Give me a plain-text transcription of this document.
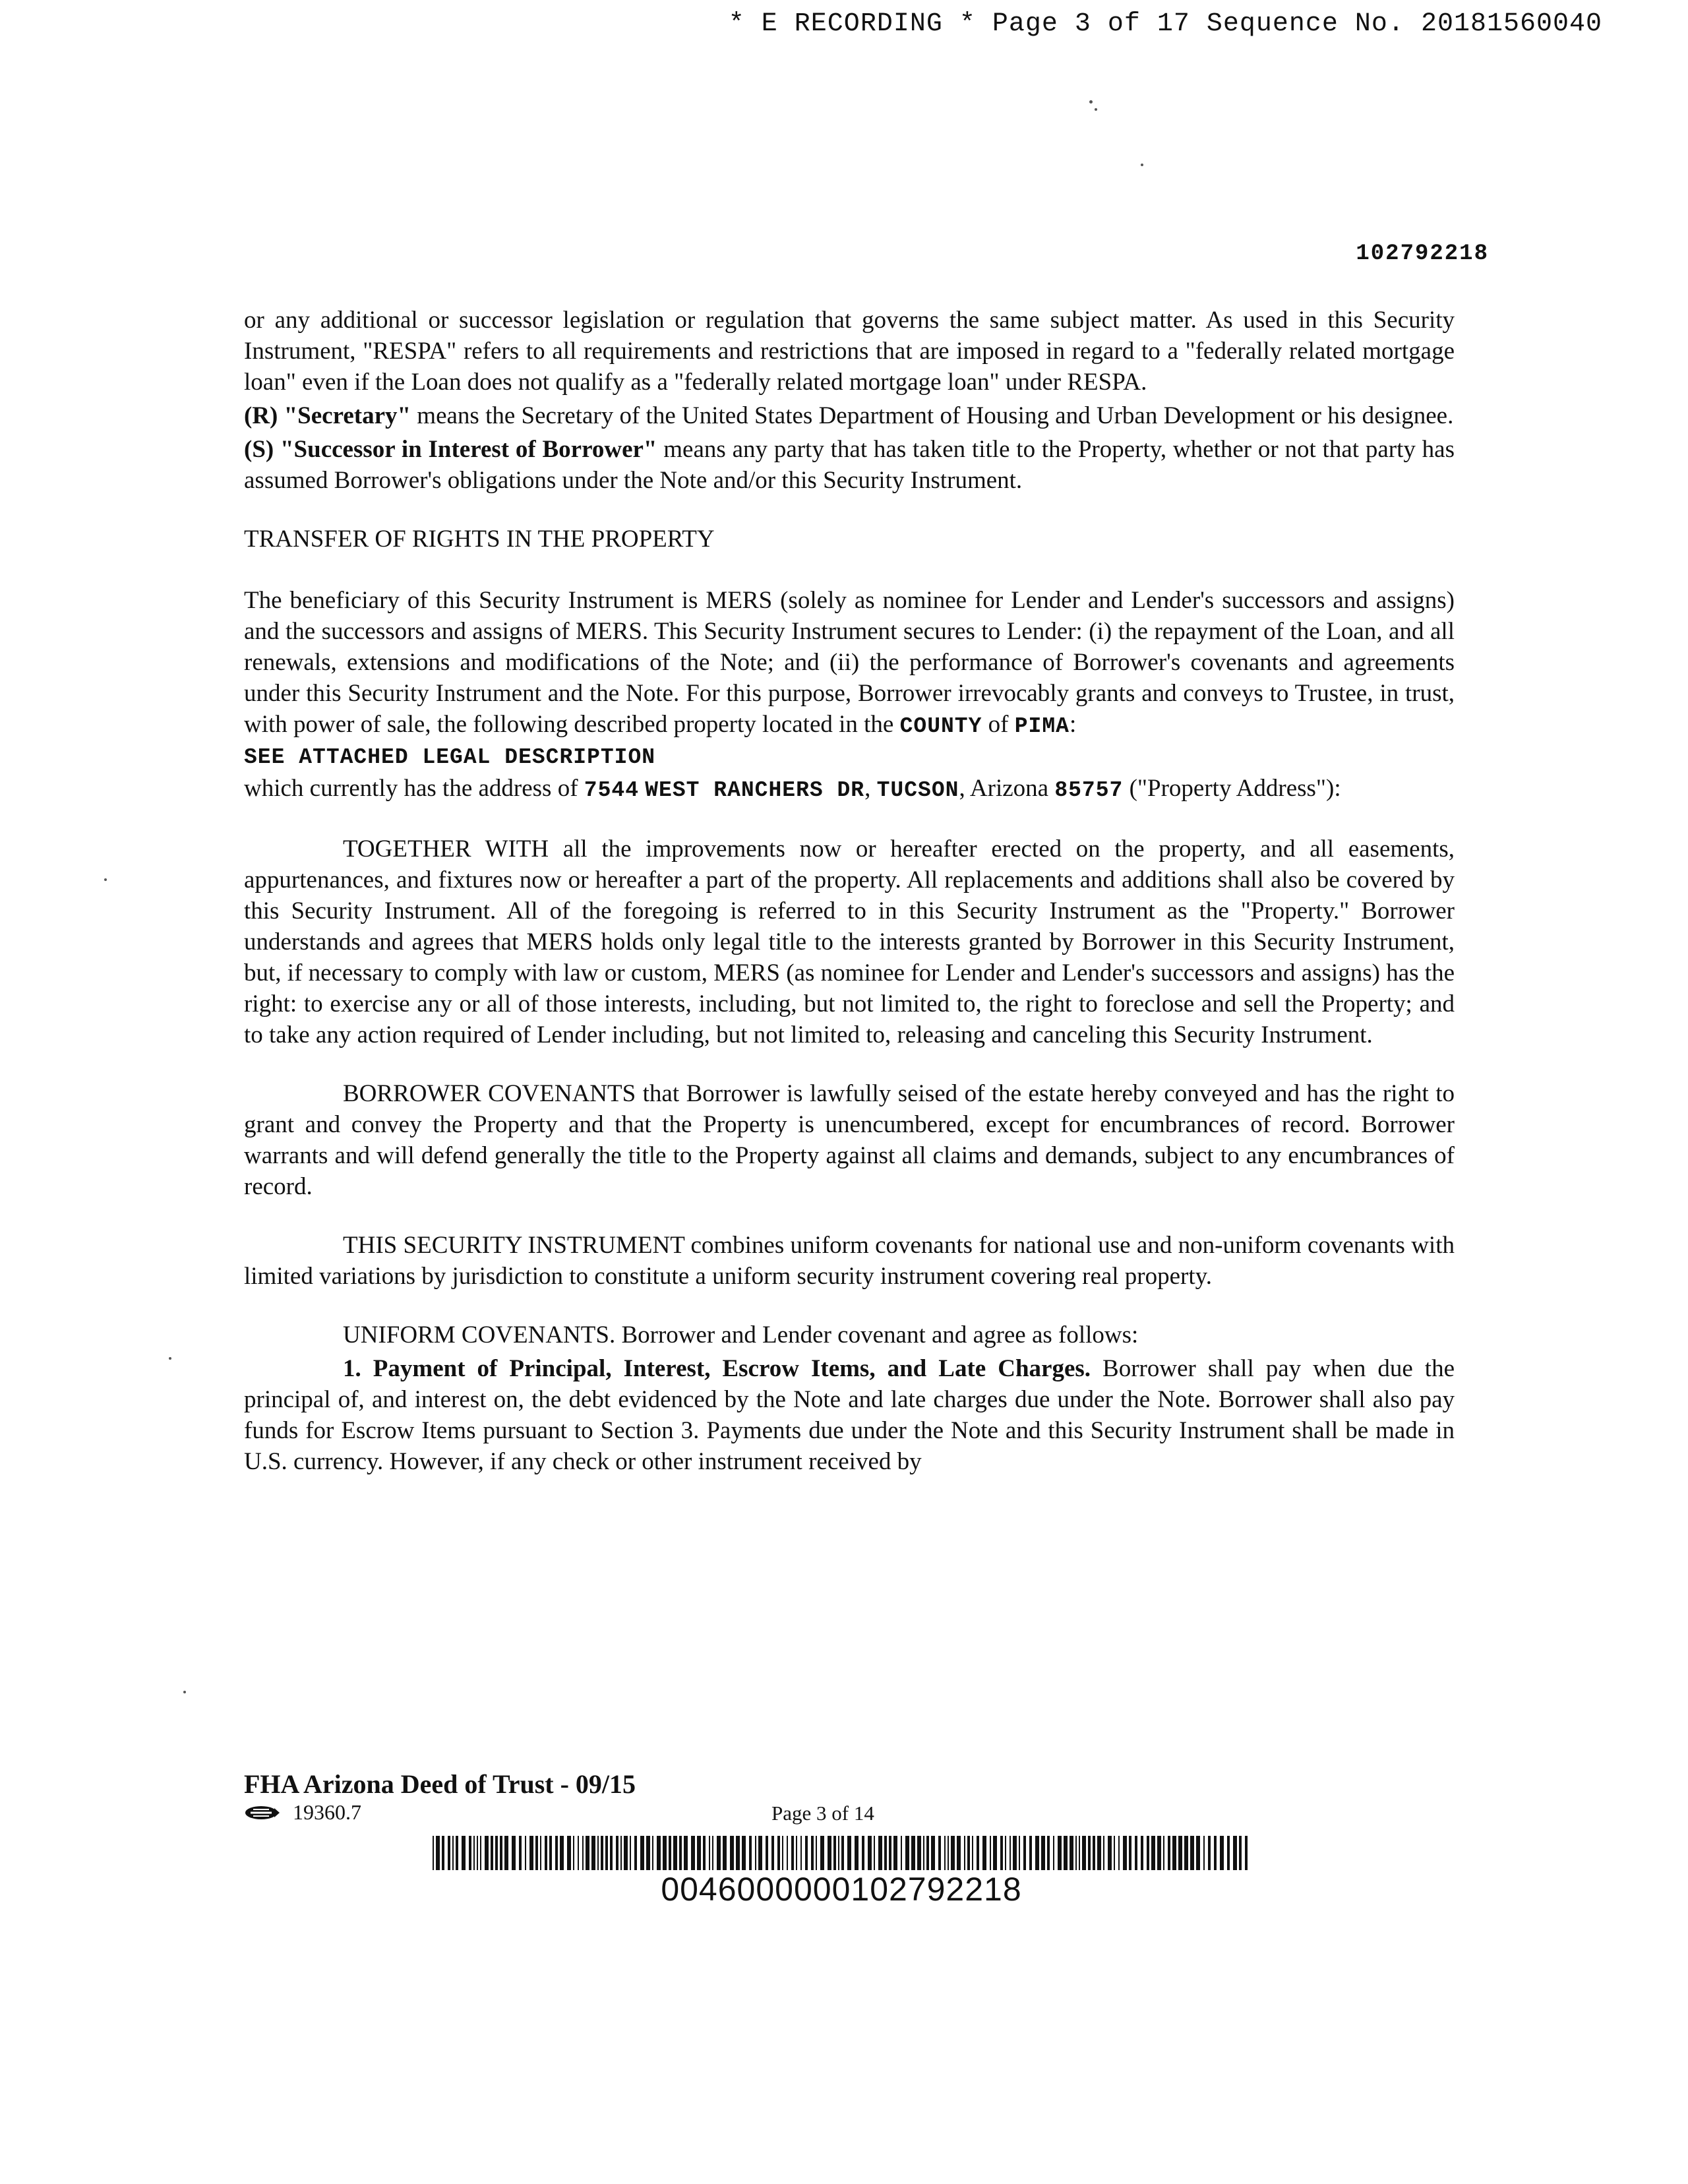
* E RECORDING * Page 3 of 17 Sequence No. 20181560040
102792218

or any additional or successor legislation or regulation that governs the same subject matter. As used in this Security Instrument, "RESPA" refers to all requirements and restrictions that are imposed in regard to a "federally related mortgage loan" even if the Loan does not qualify as a "federally related mortgage loan" under RESPA.

(R) "Secretary" means the Secretary of the United States Department of Housing and Urban Development or his designee.

(S) "Successor in Interest of Borrower" means any party that has taken title to the Property, whether or not that party has assumed Borrower's obligations under the Note and/or this Security Instrument.

TRANSFER OF RIGHTS IN THE PROPERTY

The beneficiary of this Security Instrument is MERS (solely as nominee for Lender and Lender's successors and assigns) and the successors and assigns of MERS. This Security Instrument secures to Lender: (i) the repayment of the Loan, and all renewals, extensions and modifications of the Note; and (ii) the performance of Borrower's covenants and agreements under this Security Instrument and the Note. For this purpose, Borrower irrevocably grants and conveys to Trustee, in trust, with power of sale, the following described property located in the COUNTY of PIMA:

SEE ATTACHED LEGAL DESCRIPTION

which currently has the address of 7544 WEST RANCHERS DR, TUCSON, Arizona 85757 ("Property Address"):

TOGETHER WITH all the improvements now or hereafter erected on the property, and all easements, appurtenances, and fixtures now or hereafter a part of the property. All replacements and additions shall also be covered by this Security Instrument. All of the foregoing is referred to in this Security Instrument as the "Property." Borrower understands and agrees that MERS holds only legal title to the interests granted by Borrower in this Security Instrument, but, if necessary to comply with law or custom, MERS (as nominee for Lender and Lender's successors and assigns) has the right: to exercise any or all of those interests, including, but not limited to, the right to foreclose and sell the Property; and to take any action required of Lender including, but not limited to, releasing and canceling this Security Instrument.

BORROWER COVENANTS that Borrower is lawfully seised of the estate hereby conveyed and has the right to grant and convey the Property and that the Property is unencumbered, except for encumbrances of record. Borrower warrants and will defend generally the title to the Property against all claims and demands, subject to any encumbrances of record.

THIS SECURITY INSTRUMENT combines uniform covenants for national use and non-uniform covenants with limited variations by jurisdiction to constitute a uniform security instrument covering real property.

UNIFORM COVENANTS. Borrower and Lender covenant and agree as follows:

1. Payment of Principal, Interest, Escrow Items, and Late Charges. Borrower shall pay when due the principal of, and interest on, the debt evidenced by the Note and late charges due under the Note. Borrower shall also pay funds for Escrow Items pursuant to Section 3. Payments due under the Note and this Security Instrument shall be made in U.S. currency. However, if any check or other instrument received by

FHA Arizona Deed of Trust - 09/15
19360.7	Page 3 of 14
0046000000102792218
